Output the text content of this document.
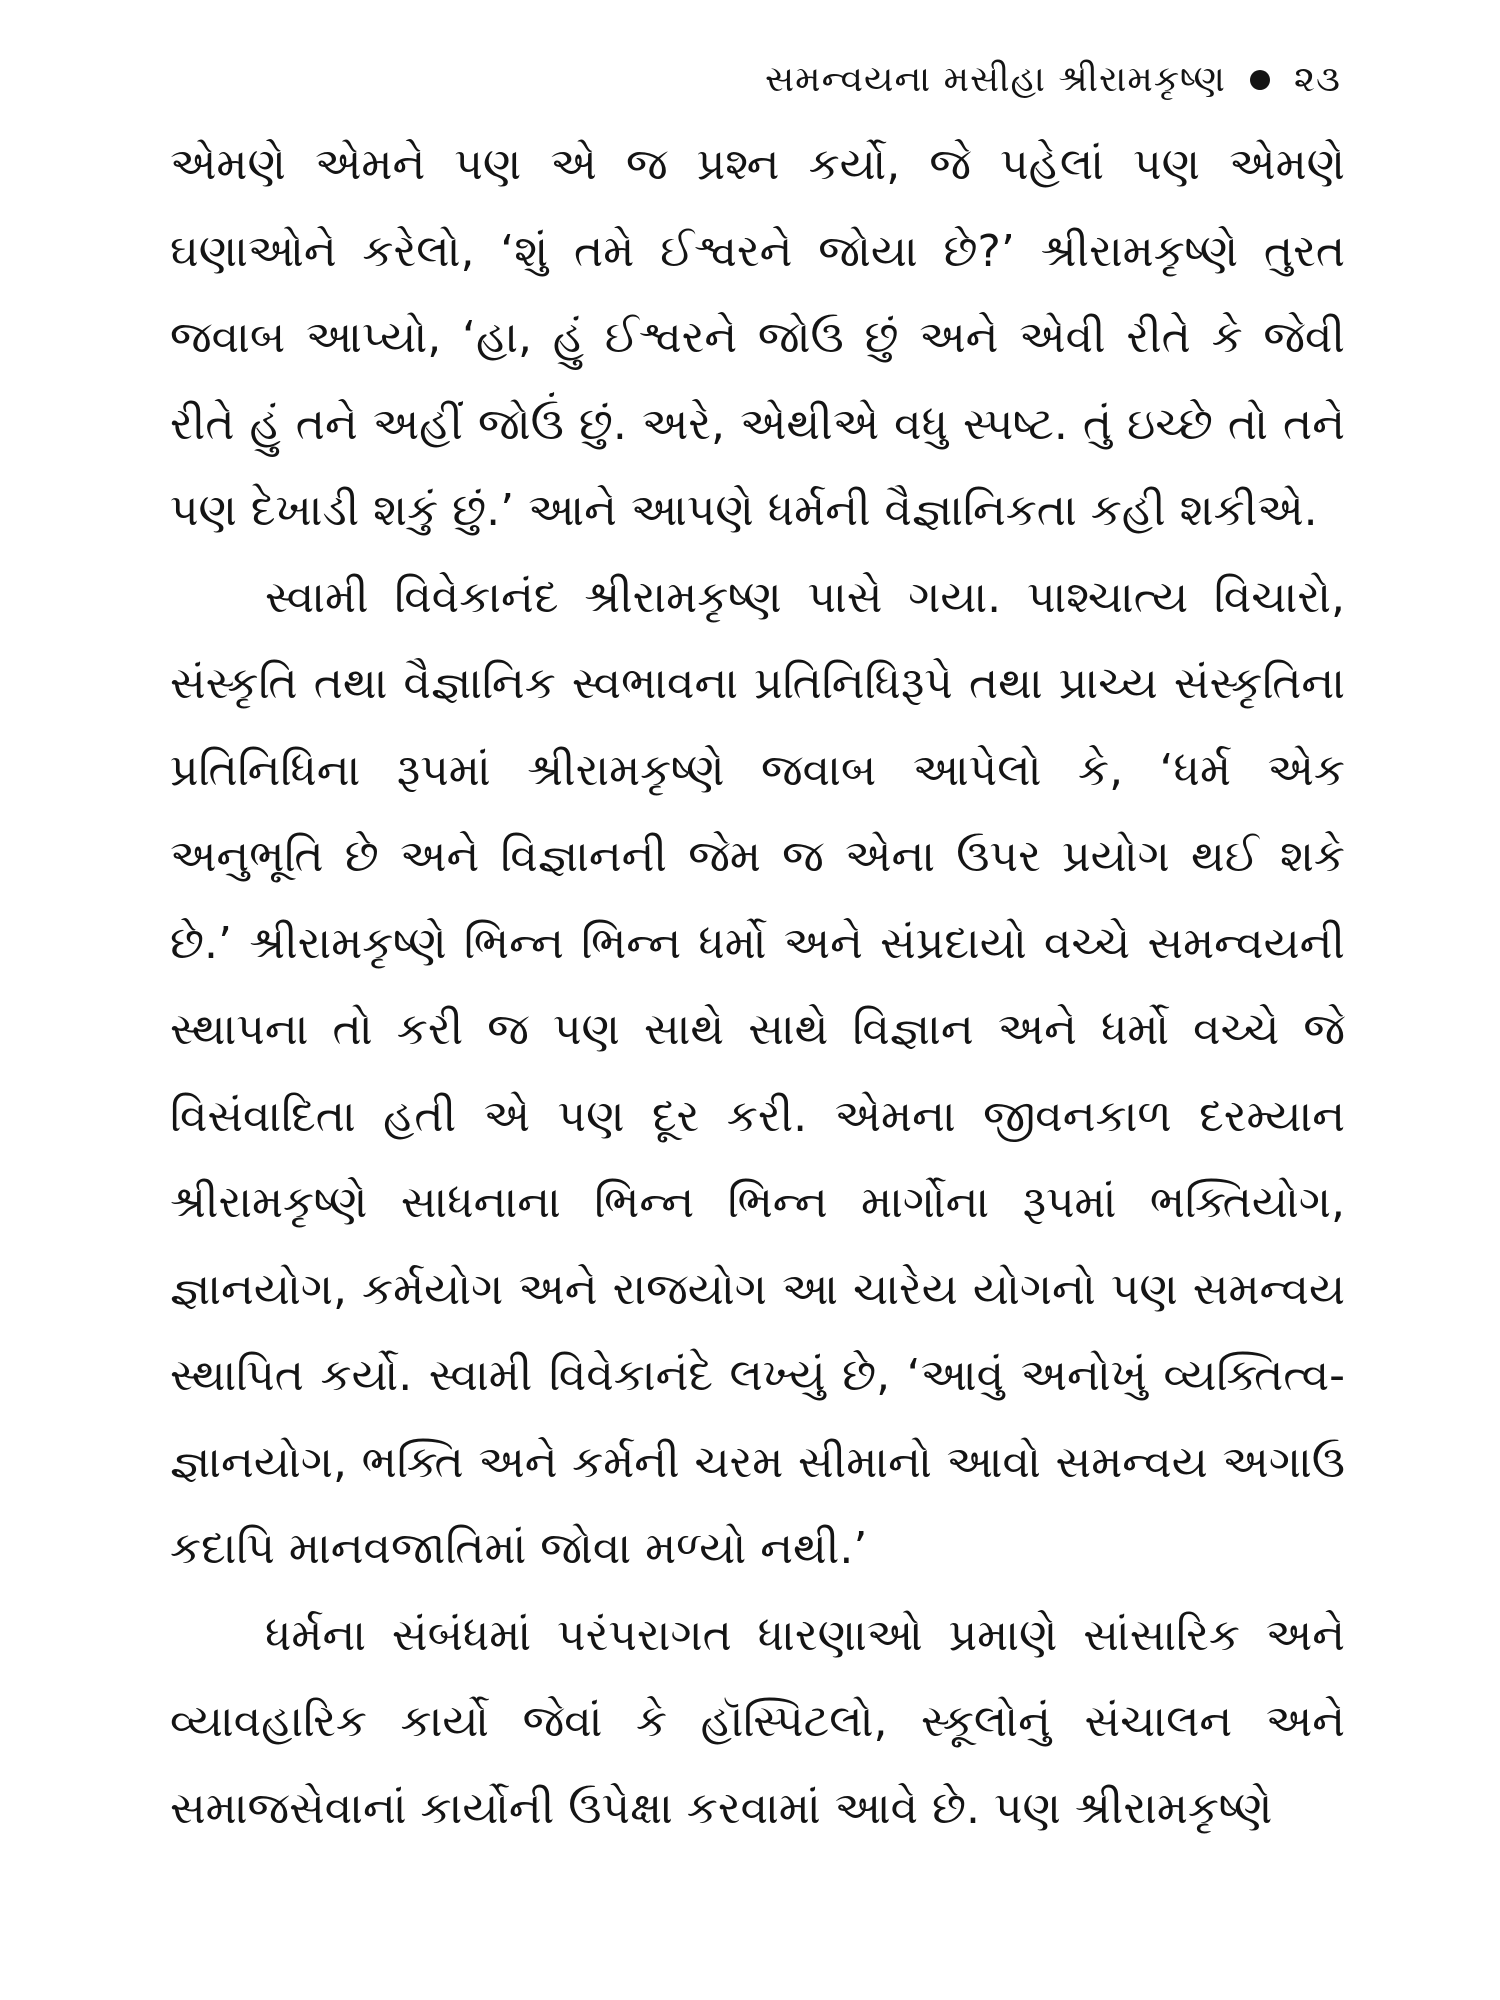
સમન્વયના મસીહા શ્રીરામકૃષ્ણ ૨૩

એમણે એમને પણ એ જ પ્રશ્ન કર્યો, જે પહેલાં પણ એમણે ઘણાઓને કરેલો, ‘શું તમે ઈશ્વરને જોયા છે?’ શ્રીરામકૃષ્ણે તુરત જવાબ આપ્યો, ‘હા, હું ઈશ્વરને જોઉ છું અને એવી રીતે કે જેવી રીતે હું તને અહીં જોઉં છું. અરે, એથીએ વધુ સ્પષ્ટ. તું ઇચ્છે તો તને પણ દેખાડી શકું છું.’ આને આપણે ધર્મની વૈજ્ઞાનિકતા કહી શકીએ.

સ્વામી વિવેકાનંદ શ્રીરામકૃષ્ણ પાસે ગયા. પાશ્ચાત્ય વિચારો, સંસ્કૃતિ તથા વૈજ્ઞાનિક સ્વભાવના પ્રતિનિધિરૂપે તથા પ્રાચ્ય સંસ્કૃતિના પ્રતિનિધિના રૂપમાં શ્રીરામકૃષ્ણે જવાબ આપેલો કે, ‘ધર્મ એક અનુભૂતિ છે અને વિજ્ઞાનની જેમ જ એના ઉપર પ્રયોગ થઈ શકે છે.’ શ્રીરામકૃષ્ણે ભિન્ન ભિન્ન ધર્મો અને સંપ્રદાયો વચ્ચે સમન્વયની સ્થાપના તો કરી જ પણ સાથે સાથે વિજ્ઞાન અને ધર્મો વચ્ચે જે વિસંવાદિતા હતી એ પણ દૂર કરી. એમના જીવનકાળ દરમ્યાન શ્રીરામકૃષ્ણે સાધનાના ભિન્ન ભિન્ન માર્ગોના રૂપમાં ભક્તિયોગ, જ્ઞાનયોગ, કર્મયોગ અને રાજયોગ આ ચારેય યોગનો પણ સમન્વય સ્થાપિત કર્યો. સ્વામી વિવેકાનંદે લખ્યું છે, ‘આવું અનોખું વ્યક્તિત્વ-જ્ઞાનયોગ, ભક્તિ અને કર્મની ચરમ સીમાનો આવો સમન્વય અગાઉ કદાપિ માનવજાતિમાં જોવા મળ્યો નથી.’

ધર્મના સંબંધમાં પરંપરાગત ધારણાઓ પ્રમાણે સાંસારિક અને વ્યાવહારિક કાર્યો જેવાં કે હૉસ્પિટલો, સ્કૂલોનું સંચાલન અને સમાજસેવાનાં કાર્યોની ઉપેક્ષા કરવામાં આવે છે. પણ શ્રીરામકૃષ્ણે
